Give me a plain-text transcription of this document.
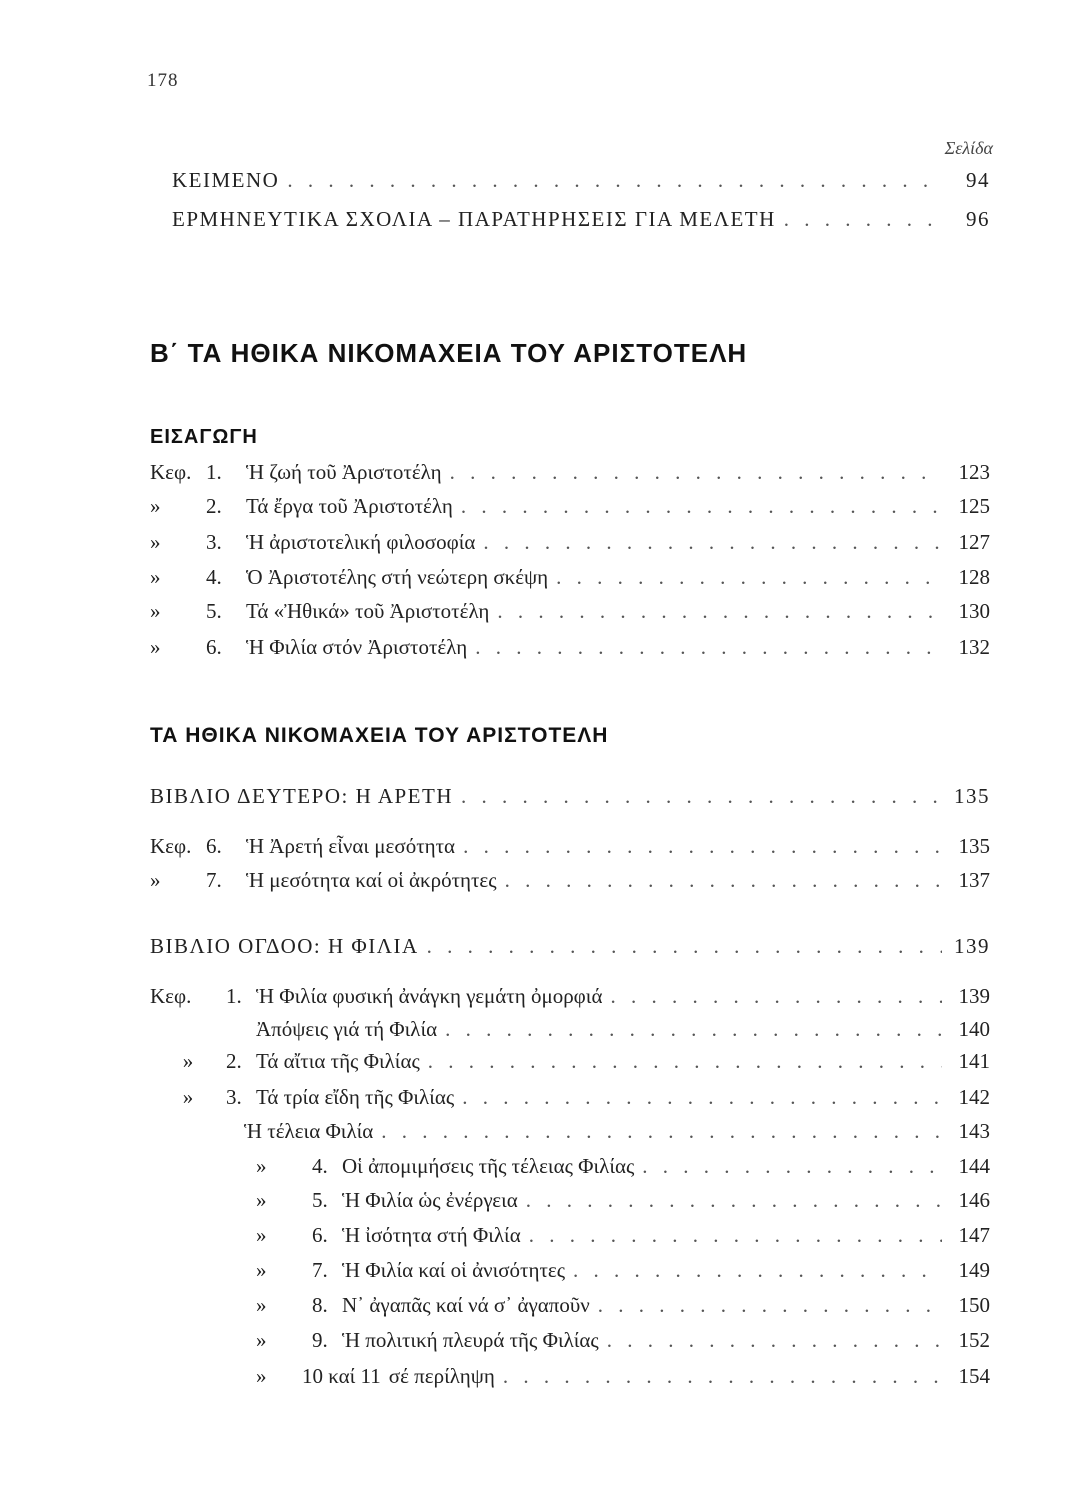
178
Σελίδα
ΚΕΙΜΕΝΟ . . .	94
ΕΡΜΗΝΕΥΤΙΚΑ ΣΧΟΛΙΑ – ΠΑΡΑΤΗΡΗΣΕΙΣ ΓΙΑ ΜΕΛΕΤΗ . . .	96
Β΄ ΤΑ ΗΘΙΚΑ ΝΙΚΟΜΑΧΕΙΑ ΤΟΥ ΑΡΙΣΤΟΤΕΛΗ
ΕΙΣΑΓΩΓΗ
Κεφ. 1.	Ἡ ζωή τοῦ Ἀριστοτέλη . . .	123
»	2.	Τά ἔργα τοῦ Ἀριστοτέλη . . .	125
»	3.	Ἡ ἀριστοτελική φιλοσοφία . . .	127
»	4.	Ὁ Ἀριστοτέλης στή νεώτερη σκέψη . . .	128
»	5.	Τά «Ἠθικά» τοῦ Ἀριστοτέλη . . .	130
»	6.	Ἡ Φιλία στόν Ἀριστοτέλη . . .	132
ΤΑ ΗΘΙΚΑ ΝΙΚΟΜΑΧΕΙΑ ΤΟΥ ΑΡΙΣΤΟΤΕΛΗ
ΒΙΒΛΙΟ ΔΕΥΤΕΡΟ: Η ΑΡΕΤΗ . . .	135
Κεφ. 6.	Ἡ Ἀρετή εἶναι μεσότητα . . .	135
»	7.	Ἡ μεσότητα καί οἱ ἀκρότητες . . .	137
ΒΙΒΛΙΟ ΟΓΔΟΟ: Η ΦΙΛΙΑ . . .	139
Κεφ.	1. Ἡ Φιλία φυσική ἀνάγκη γεμάτη ὀμορφιά . . .	139
Ἀπόψεις γιά τή Φιλία . . .	140
»	2. Τά αἴτια τῆς Φιλίας . . .	141
»	3. Τά τρία εἴδη τῆς Φιλίας . . .	142
Ἡ τέλεια Φιλία . . .	143
»	4. Οἱ ἀπομιμήσεις τῆς τέλειας Φιλίας . . .	144
»	5. Ἡ Φιλία ὡς ἐνέργεια . . .	146
»	6. Ἡ ἰσότητα στή Φιλία . . .	147
»	7. Ἡ Φιλία καί οἱ ἀνισότητες . . .	149
»	8. Ν᾽ ἀγαπᾶς καί νά σ᾽ ἀγαποῦν . . .	150
»	9. Ἡ πολιτική πλευρά τῆς Φιλίας . . .	152
»	10 καί 11 σέ περίληψη . . .	154
